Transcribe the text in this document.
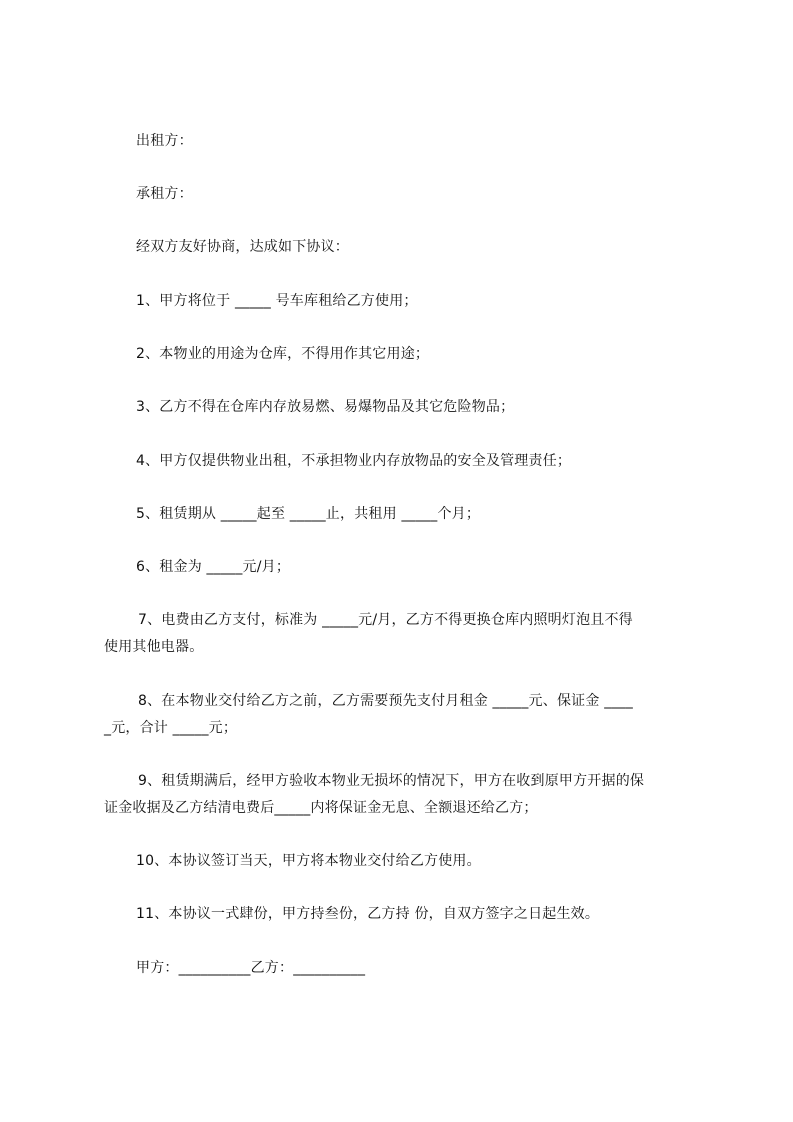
出租方：
承租方：
经双方友好协商，达成如下协议：
1、甲方将位于 _____ 号车库租给乙方使用；
2、本物业的用途为仓库，不得用作其它用途；
3、乙方不得在仓库内存放易燃、易爆物品及其它危险物品；
4、甲方仅提供物业出租，不承担物业内存放物品的安全及管理责任；
5、租赁期从 _____起至 _____止，共租用 _____个月；
6、租金为 _____元/月；
7、电费由乙方支付，标准为 _____元/月，乙方不得更换仓库内照明灯泡且不得
使用其他电器。
8、在本物业交付给乙方之前，乙方需要预先支付月租金 _____元、保证金 ____
_元，合计 _____元；
9、租赁期满后，经甲方验收本物业无损坏的情况下，甲方在收到原甲方开据的保
证金收据及乙方结清电费后_____内将保证金无息、全额退还给乙方；
10、本协议签订当天，甲方将本物业交付给乙方使用。
11、本协议一式肆份，甲方持叁份，乙方持 份，自双方签字之日起生效。
甲方：__________乙方：__________
